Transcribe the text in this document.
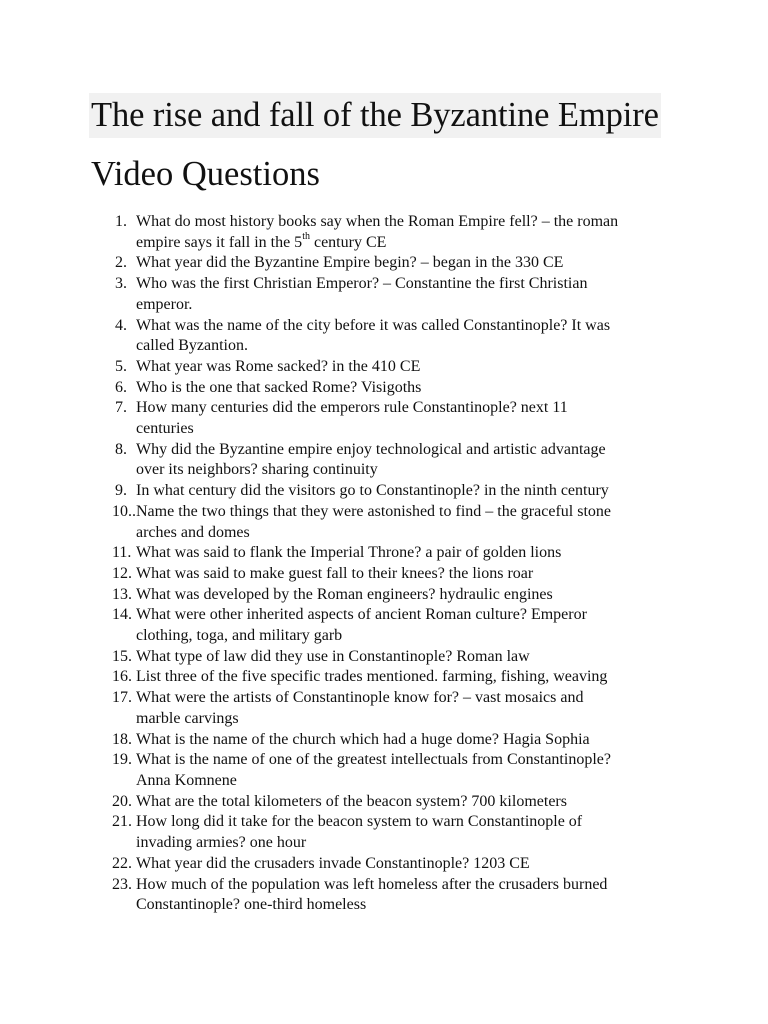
The rise and fall of the Byzantine Empire
Video Questions
1. What do most history books say when the Roman Empire fell? – the roman
empire says it fall in the 5th century CE
2. What year did the Byzantine Empire begin? – began in the 330 CE
3. Who was the first Christian Emperor? – Constantine the first Christian
emperor.
4. What was the name of the city before it was called Constantinople? It was
called Byzantion.
5. What year was Rome sacked? in the 410 CE
6. Who is the one that sacked Rome? Visigoths
7. How many centuries did the emperors rule Constantinople? next 11
centuries
8. Why did the Byzantine empire enjoy technological and artistic advantage
over its neighbors? sharing continuity
9. In what century did the visitors go to Constantinople? in the ninth century
10.. Name the two things that they were astonished to find – the graceful stone
arches and domes
11. What was said to flank the Imperial Throne? a pair of golden lions
12. What was said to make guest fall to their knees? the lions roar
13. What was developed by the Roman engineers? hydraulic engines
14. What were other inherited aspects of ancient Roman culture? Emperor
clothing, toga, and military garb
15. What type of law did they use in Constantinople? Roman law
16. List three of the five specific trades mentioned. farming, fishing, weaving
17. What were the artists of Constantinople know for? – vast mosaics and
marble carvings
18. What is the name of the church which had a huge dome? Hagia Sophia
19. What is the name of one of the greatest intellectuals from Constantinople?
Anna Komnene
20. What are the total kilometers of the beacon system? 700 kilometers
21. How long did it take for the beacon system to warn Constantinople of
invading armies? one hour
22. What year did the crusaders invade Constantinople? 1203 CE
23. How much of the population was left homeless after the crusaders burned
Constantinople? one-third homeless
